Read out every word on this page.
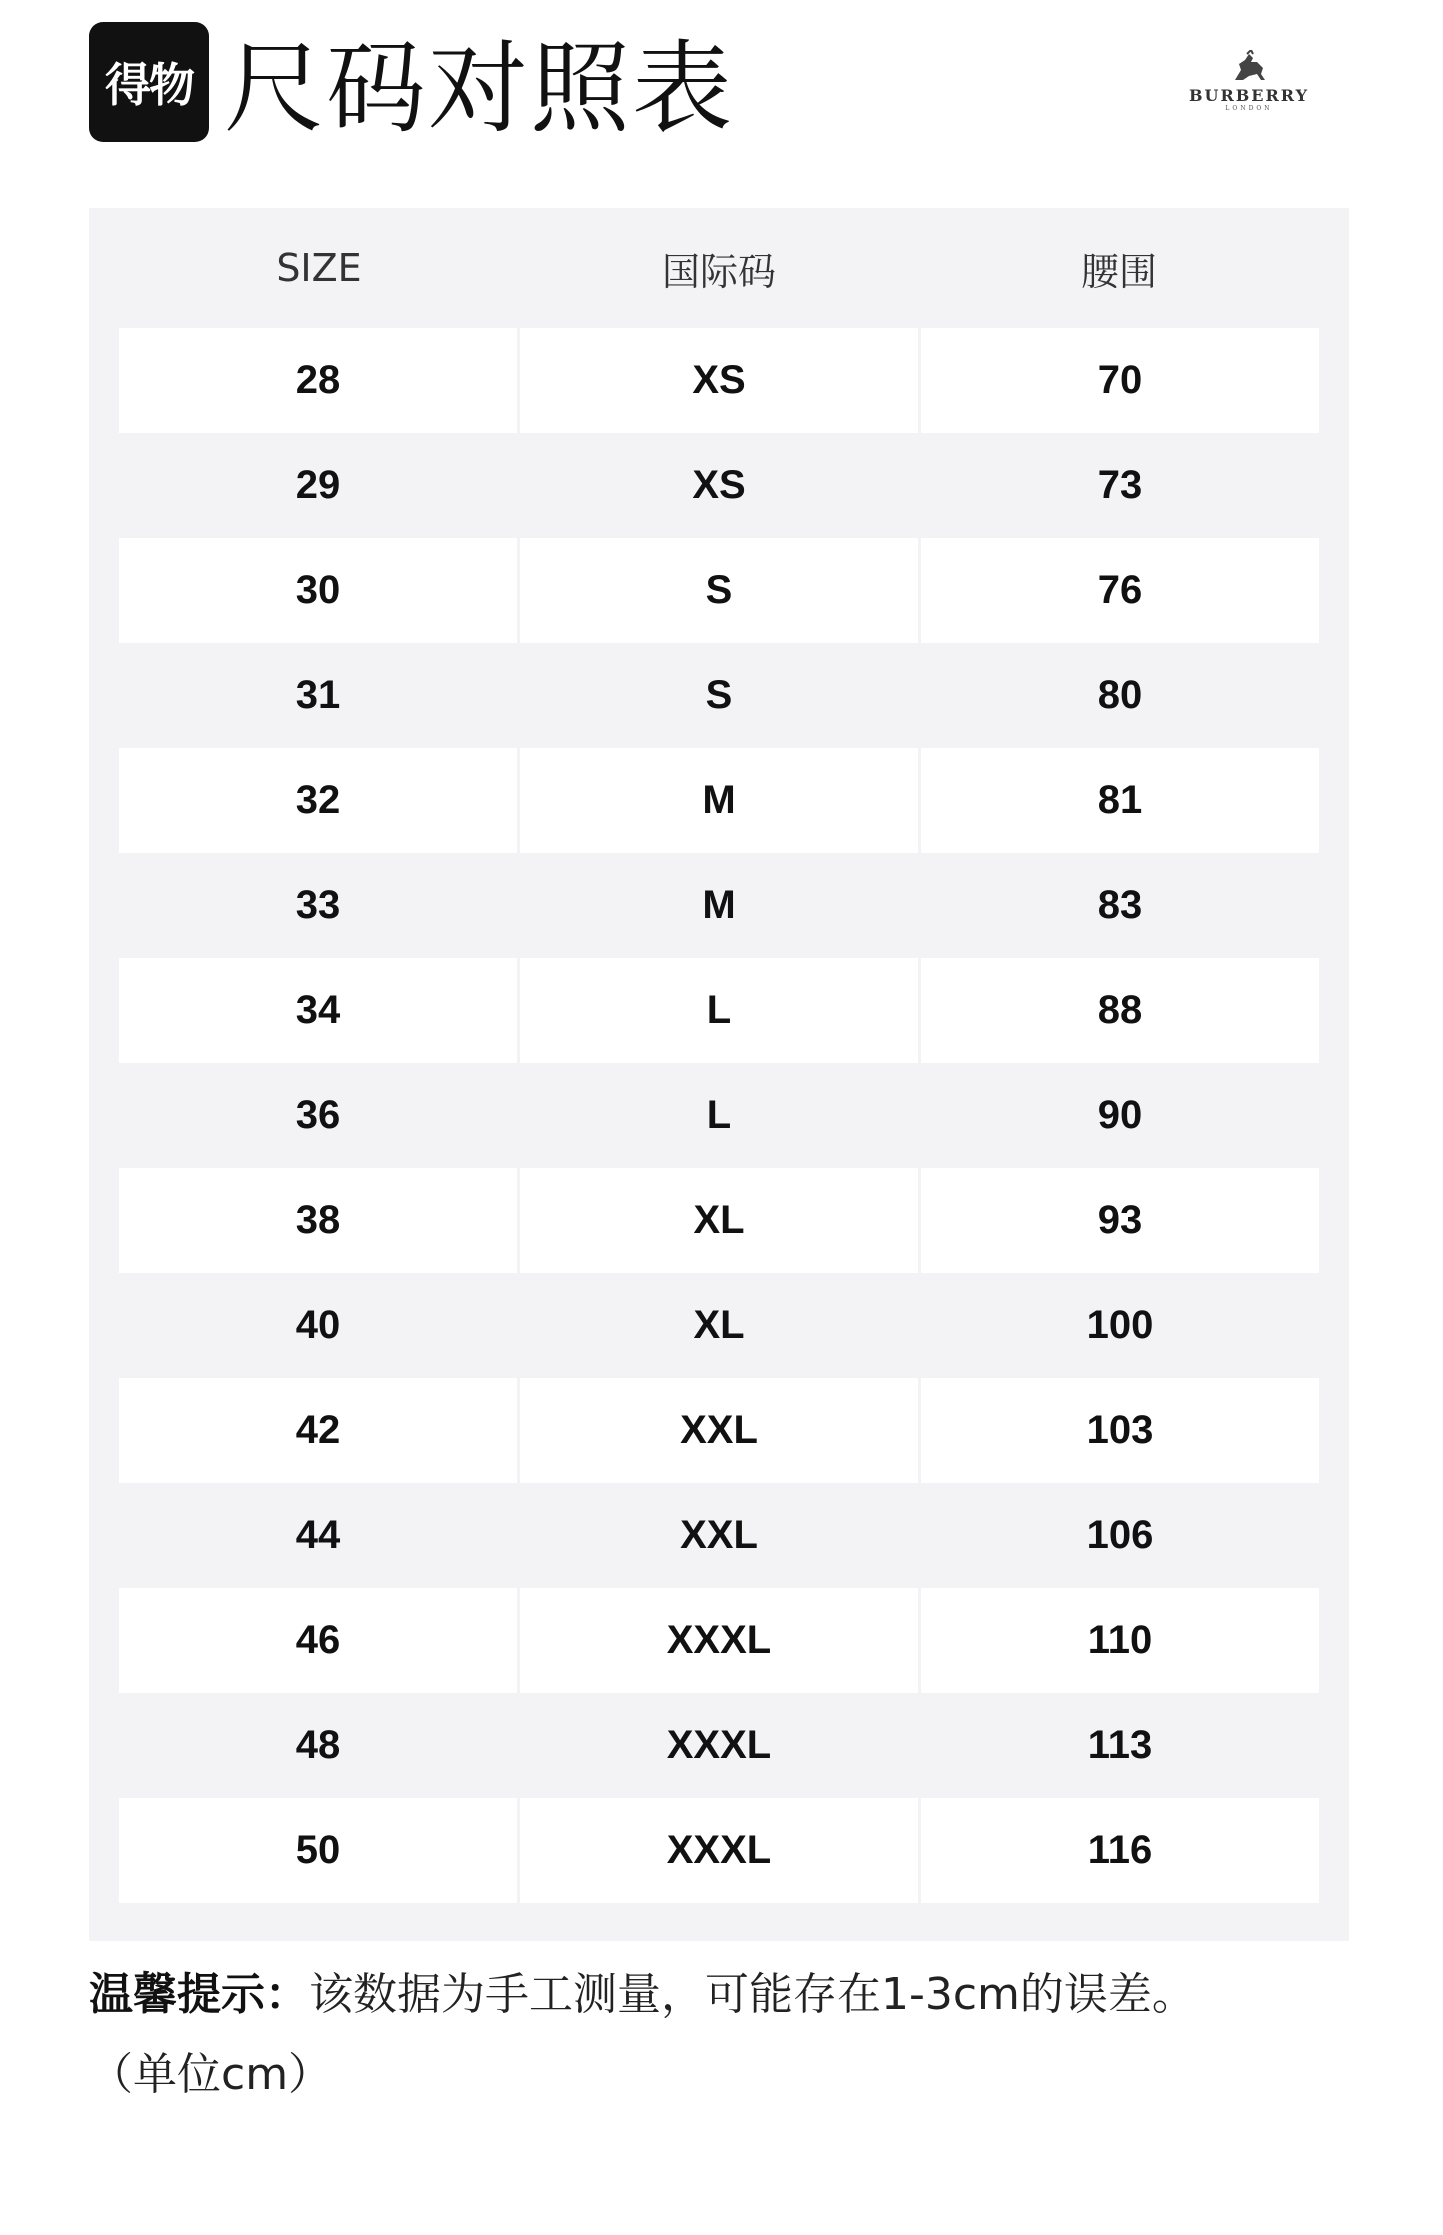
得物 尺码对照表	BURBERRY
LONDON
SIZE	国际码	腰围
28	XS	70
29	XS	73
30	S	76
31	S	80
32	M	81
33	M	83
34	L	88
36	L	90
38	XL	93
40	XL	100
42	XXL	103
44	XXL	106
46	XXXL	110
48	XXXL	113
50	XXXL	116
温馨提示：该数据为手工测量，可能存在1-3cm的误差。
（单位cm）
